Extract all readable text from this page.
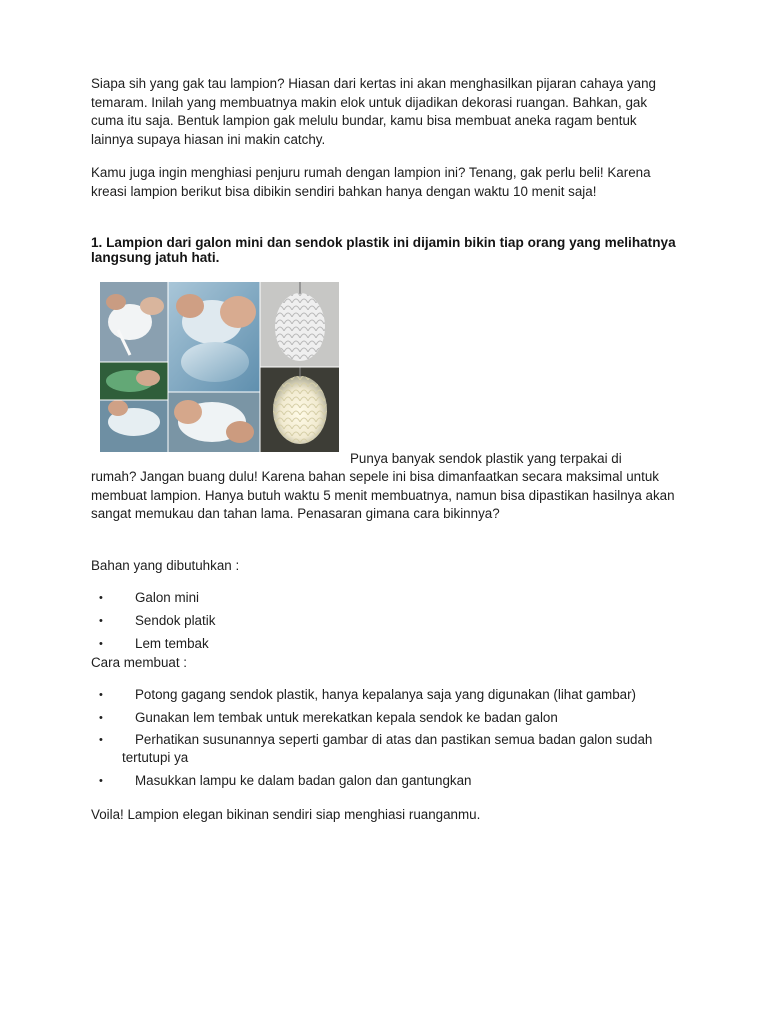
Siapa sih yang gak tau lampion? Hiasan dari kertas ini akan menghasilkan pijaran cahaya yang temaram. Inilah yang membuatnya makin elok untuk dijadikan dekorasi ruangan. Bahkan, gak cuma itu saja. Bentuk lampion gak melulu bundar, kamu bisa membuat aneka ragam bentuk lainnya supaya hiasan ini makin catchy.

Kamu juga ingin menghiasi penjuru rumah dengan lampion ini? Tenang, gak perlu beli! Karena kreasi lampion berikut bisa dibikin sendiri bahkan hanya dengan waktu 10 menit saja!

1. Lampion dari galon mini dan sendok plastik ini dijamin bikin tiap orang yang melihatnya langsung jatuh hati.

Punya banyak sendok plastik yang terpakai di

rumah? Jangan buang dulu! Karena bahan sepele ini bisa dimanfaatkan secara maksimal untuk membuat lampion. Hanya butuh waktu 5 menit membuatnya, namun bisa dipastikan hasilnya akan sangat memukau dan tahan lama. Penasaran gimana cara bikinnya?

Bahan yang dibutuhkan :

• Galon mini
• Sendok platik
• Lem tembak

Cara membuat :

• Potong gagang sendok plastik, hanya kepalanya saja yang digunakan (lihat gambar)
• Gunakan lem tembak untuk merekatkan kepala sendok ke badan galon
• Perhatikan susunannya seperti gambar di atas dan pastikan semua badan galon sudah tertutupi ya
• Masukkan lampu ke dalam badan galon dan gantungkan

Voila! Lampion elegan bikinan sendiri siap menghiasi ruanganmu.
